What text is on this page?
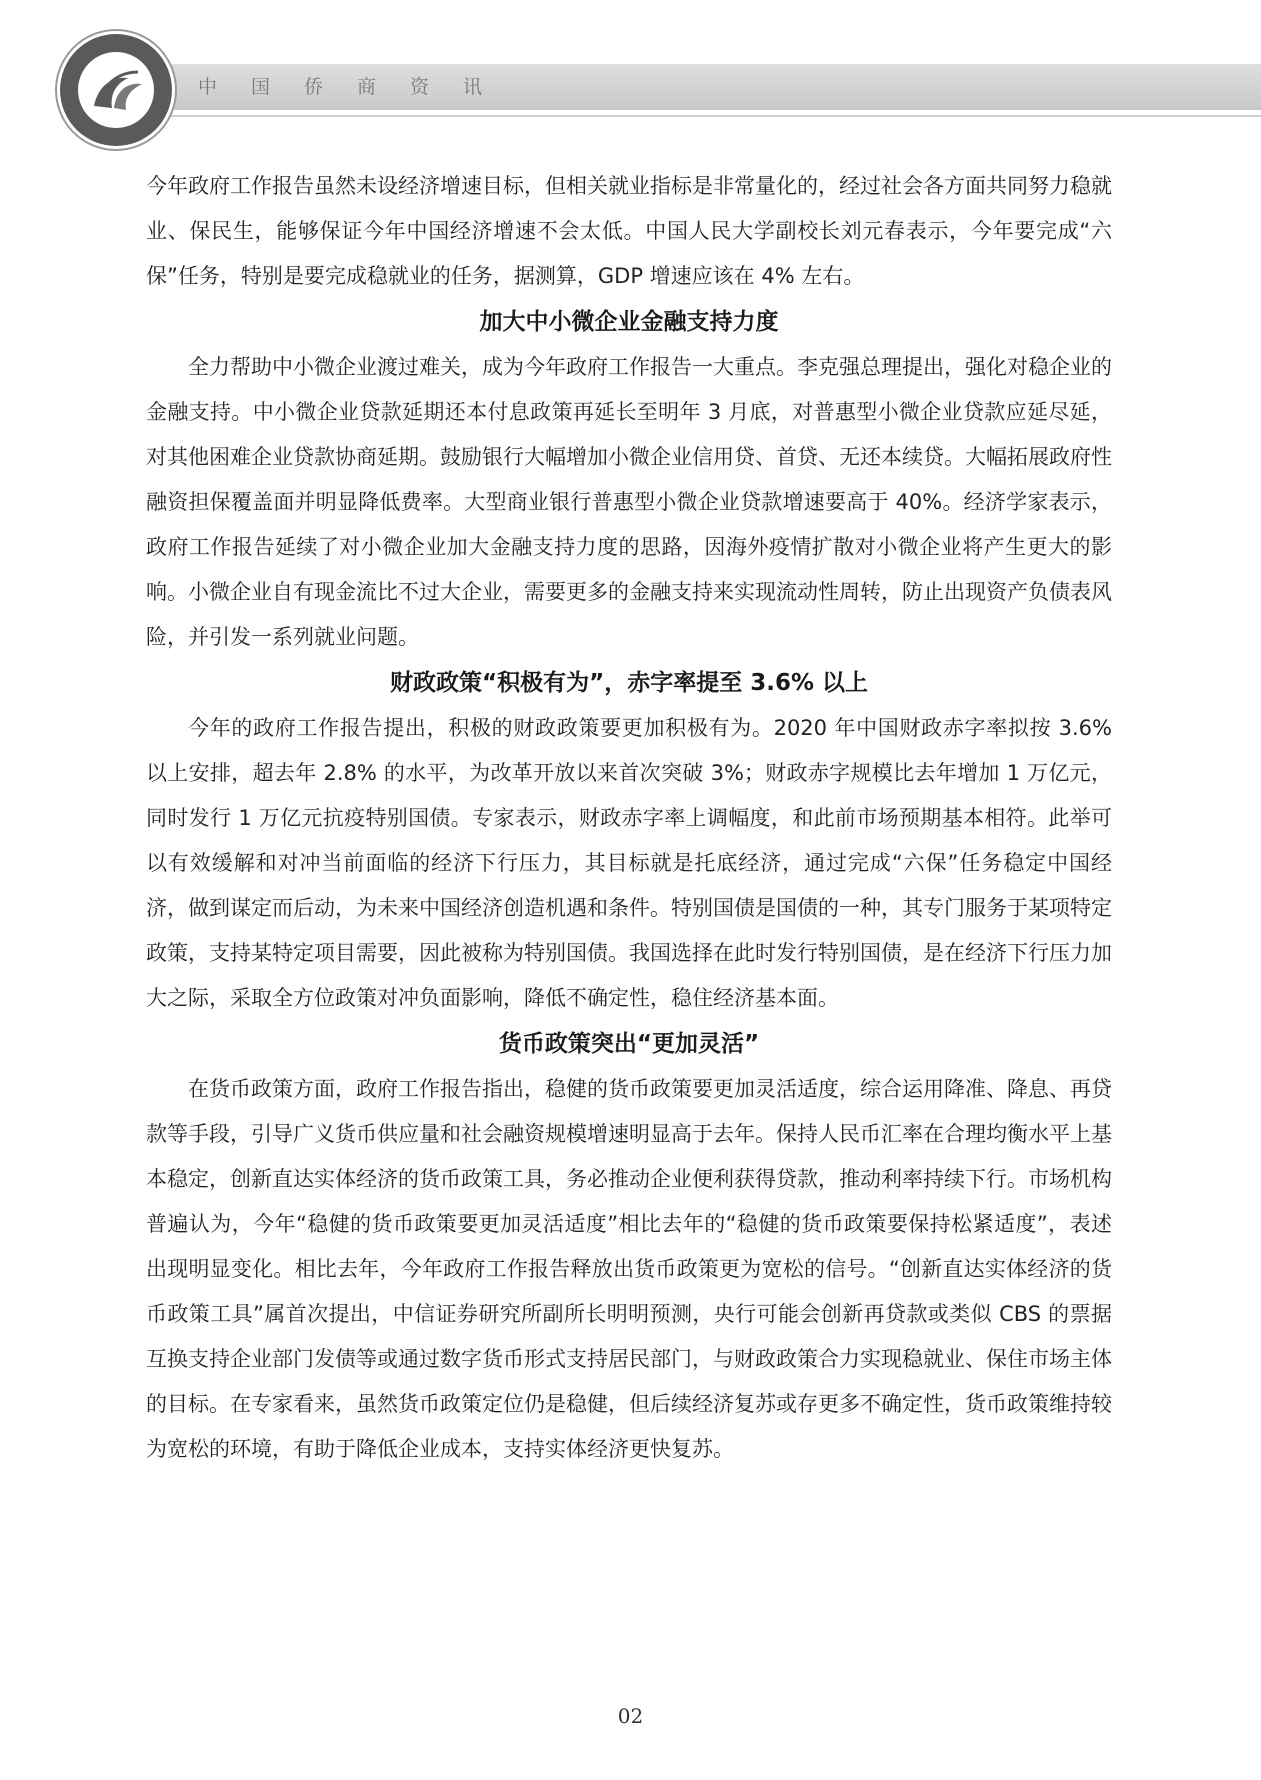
中国侨商资讯

今年政府工作报告虽然未设经济增速目标，但相关就业指标是非常量化的，经过社会各方面共同努力稳就业、保民生，能够保证今年中国经济增速不会太低。中国人民大学副校长刘元春表示，今年要完成“六保”任务，特别是要完成稳就业的任务，据测算，GDP 增速应该在 4% 左右。

加大中小微企业金融支持力度

全力帮助中小微企业渡过难关，成为今年政府工作报告一大重点。李克强总理提出，强化对稳企业的金融支持。中小微企业贷款延期还本付息政策再延长至明年 3 月底，对普惠型小微企业贷款应延尽延，对其他困难企业贷款协商延期。鼓励银行大幅增加小微企业信用贷、首贷、无还本续贷。大幅拓展政府性融资担保覆盖面并明显降低费率。大型商业银行普惠型小微企业贷款增速要高于 40%。经济学家表示，政府工作报告延续了对小微企业加大金融支持力度的思路，因海外疫情扩散对小微企业将产生更大的影响。小微企业自有现金流比不过大企业，需要更多的金融支持来实现流动性周转，防止出现资产负债表风险，并引发一系列就业问题。

财政政策“积极有为”，赤字率提至 3.6% 以上

今年的政府工作报告提出，积极的财政政策要更加积极有为。2020 年中国财政赤字率拟按 3.6% 以上安排，超去年 2.8% 的水平，为改革开放以来首次突破 3%；财政赤字规模比去年增加 1 万亿元，同时发行 1 万亿元抗疫特别国债。专家表示，财政赤字率上调幅度，和此前市场预期基本相符。此举可以有效缓解和对冲当前面临的经济下行压力，其目标就是托底经济，通过完成“六保”任务稳定中国经济，做到谋定而后动，为未来中国经济创造机遇和条件。特别国债是国债的一种，其专门服务于某项特定政策，支持某特定项目需要，因此被称为特别国债。我国选择在此时发行特别国债，是在经济下行压力加大之际，采取全方位政策对冲负面影响，降低不确定性，稳住经济基本面。

货币政策突出“更加灵活”

在货币政策方面，政府工作报告指出，稳健的货币政策要更加灵活适度，综合运用降准、降息、再贷款等手段，引导广义货币供应量和社会融资规模增速明显高于去年。保持人民币汇率在合理均衡水平上基本稳定，创新直达实体经济的货币政策工具，务必推动企业便利获得贷款，推动利率持续下行。市场机构普遍认为，今年“稳健的货币政策要更加灵活适度”相比去年的“稳健的货币政策要保持松紧适度”，表述出现明显变化。相比去年，今年政府工作报告释放出货币政策更为宽松的信号。“创新直达实体经济的货币政策工具”属首次提出，中信证券研究所副所长明明预测，央行可能会创新再贷款或类似 CBS 的票据互换支持企业部门发债等或通过数字货币形式支持居民部门，与财政政策合力实现稳就业、保住市场主体的目标。在专家看来，虽然货币政策定位仍是稳健，但后续经济复苏或存更多不确定性，货币政策维持较为宽松的环境，有助于降低企业成本，支持实体经济更快复苏。

02
